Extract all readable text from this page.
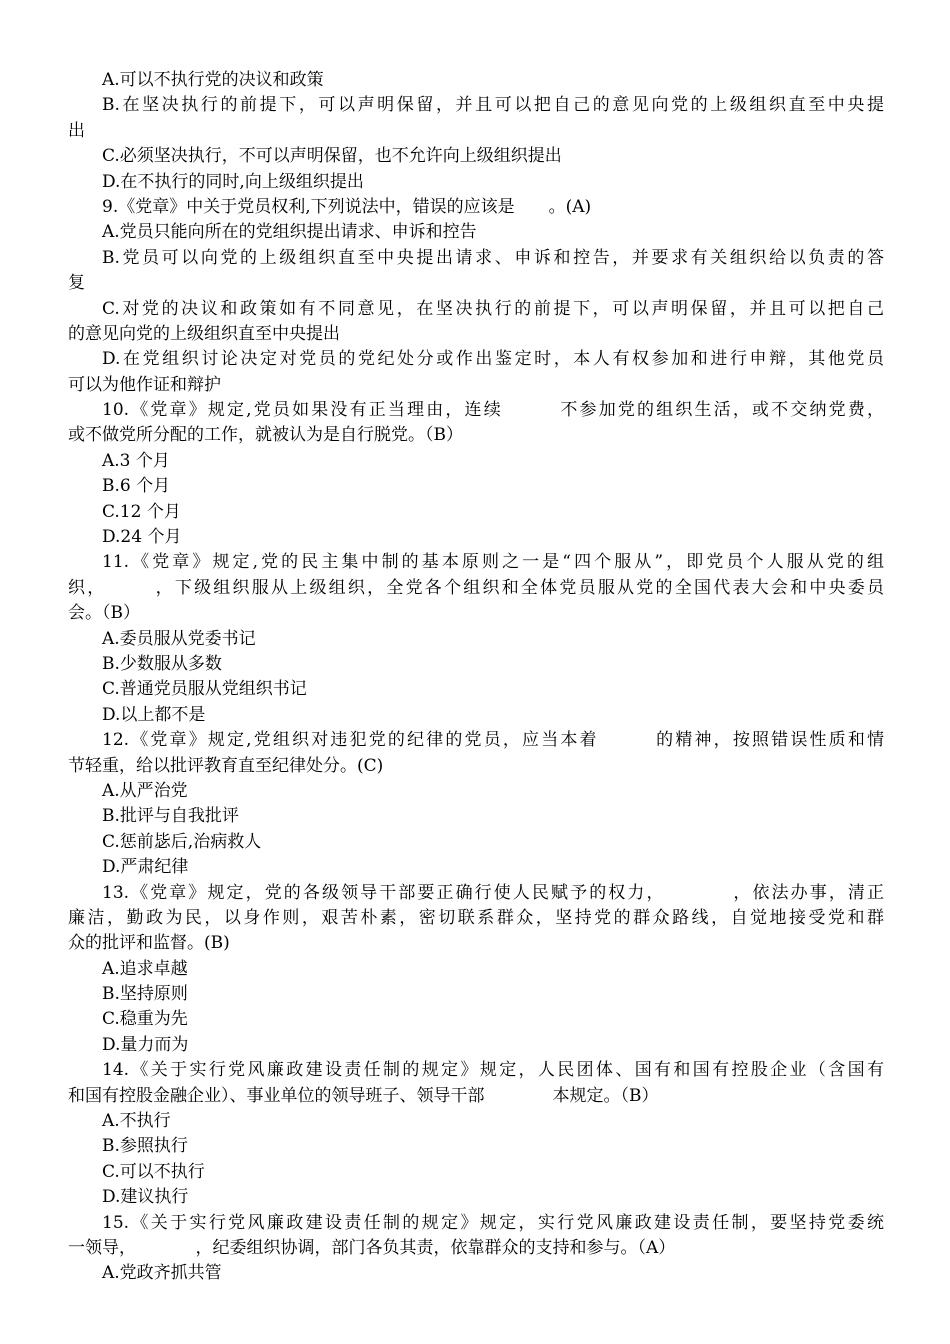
A.可以不执行党的决议和政策
B.在坚决执行的前提下，可以声明保留，并且可以把自己的意见向党的上级组织直至中央提
出
C.必须坚决执行，不可以声明保留，也不允许向上级组织提出
D.在不执行的同时,向上级组织提出
9.《党章》中关于党员权利,下列说法中，错误的应该是　　。(A)
A.党员只能向所在的党组织提出请求、申诉和控告
B.党员可以向党的上级组织直至中央提出请求、申诉和控告，并要求有关组织给以负责的答
复
C.对党的决议和政策如有不同意见，在坚决执行的前提下，可以声明保留，并且可以把自己
的意见向党的上级组织直至中央提出
D.在党组织讨论决定对党员的党纪处分或作出鉴定时，本人有权参加和进行申辩，其他党员
可以为他作证和辩护
10.《党章》规定,党员如果没有正当理由，连续　　　不参加党的组织生活，或不交纳党费，
或不做党所分配的工作，就被认为是自行脱党。（B）
A.3 个月
B.6 个月
C.12 个月
D.24 个月
11.《党章》规定,党的民主集中制的基本原则之一是“四个服从”，即党员个人服从党的组
织，　　　，下级组织服从上级组织，全党各个组织和全体党员服从党的全国代表大会和中央委员
会。（B）
A.委员服从党委书记
B.少数服从多数
C.普通党员服从党组织书记
D.以上都不是
12.《党章》规定,党组织对违犯党的纪律的党员，应当本着　　　的精神，按照错误性质和情
节轻重，给以批评教育直至纪律处分。(C)
A.从严治党
B.批评与自我批评
C.惩前毖后,治病救人
D.严肃纪律
13.《党章》规定，党的各级领导干部要正确行使人民赋予的权力，　　　　，依法办事，清正
廉洁，勤政为民，以身作则，艰苦朴素，密切联系群众，坚持党的群众路线，自觉地接受党和群
众的批评和监督。(B)
A.追求卓越
B.坚持原则
C.稳重为先
D.量力而为
14.《关于实行党风廉政建设责任制的规定》规定，人民团体、国有和国有控股企业（含国有
和国有控股金融企业）、事业单位的领导班子、领导干部　　　　本规定。（B）
A.不执行
B.参照执行
C.可以不执行
D.建议执行
15.《关于实行党风廉政建设责任制的规定》规定，实行党风廉政建设责任制，要坚持党委统
一领导，　　　　，纪委组织协调，部门各负其责，依靠群众的支持和参与。（A）
A.党政齐抓共管
